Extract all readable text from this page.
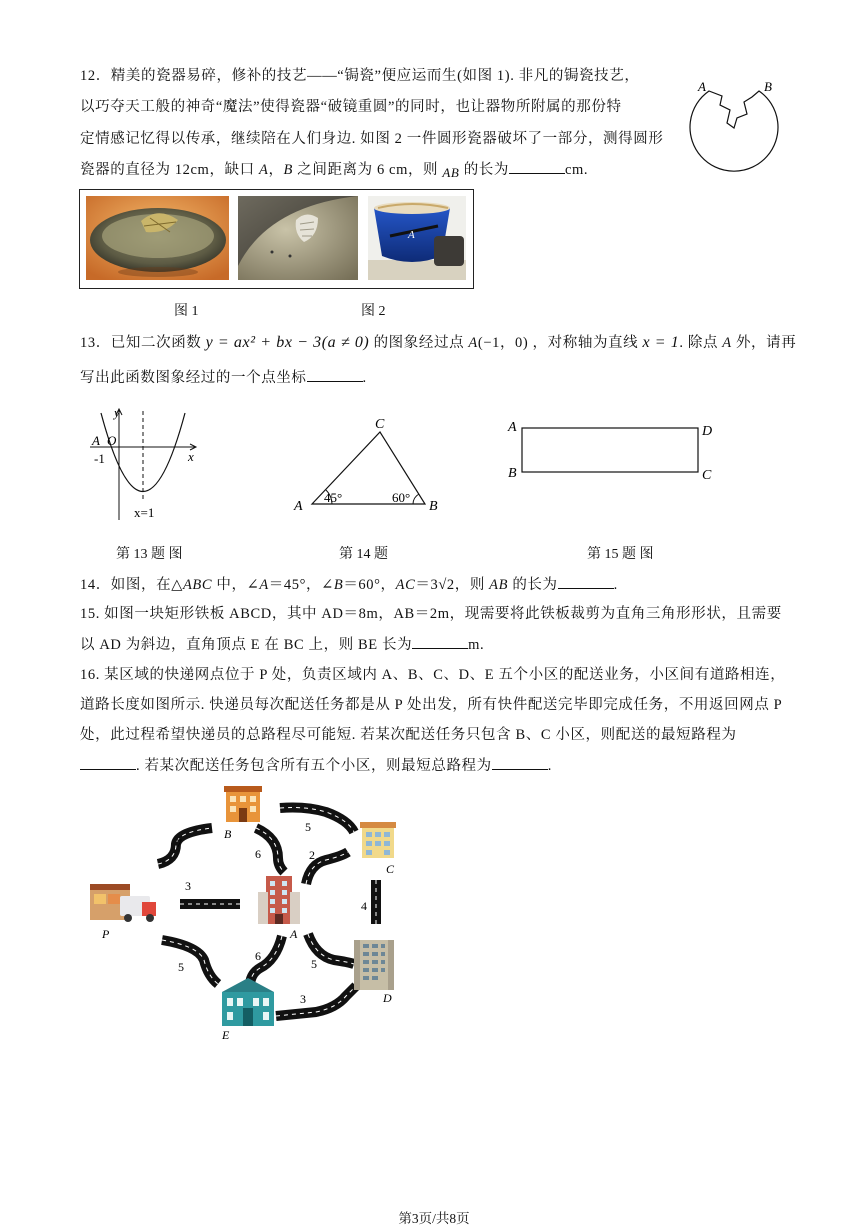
12．精美的瓷器易碎，修补的技艺——“锔瓷”便应运而生(如图 1). 非凡的锔瓷技艺，
以巧夺天工般的神奇“魔法”使得瓷器“破镜重圆”的同时，也让器物所附属的那份特
定情感记忆得以传承，继续陪在人们身边. 如图 2 一件圆形瓷器破坏了一部分，测得圆形
瓷器的直径为 12cm，缺口 A，B 之间距离为 6 cm，则 AB 的长为	cm.
A	B
A
图 1	图 2
13．已知二次函数 y = ax² + bx − 3(a ≠ 0) 的图象经过点 A(−1，0) ，对称轴为直线 x = 1. 除点 A 外，请再
写出此函数图象经过的一个点坐标	.
y
x
A O
-1
x=1
第 13 题 图
C
A	B
45°	60°
第 14 题
A	D
B	C
第 15 题 图
14．如图，在△ABC 中，∠A＝45°，∠B＝60°，AC＝3√2，则 AB 的长为	.
15. 如图一块矩形铁板 ABCD，其中 AD＝8m，AB＝2m，现需要将此铁板裁剪为直角三角形形状，且需要
以 AD 为斜边，直角顶点 E 在 BC 上，则 BE 长为	m.
16. 某区域的快递网点位于 P 处，负责区域内 A、B、C、D、E 五个小区的配送业务，小区间有道路相连，
道路长度如图所示. 快递员每次配送任务都是从 P 处出发，所有快件配送完毕即完成任务，不用返回网点 P
处，此过程希望快递员的总路程尽可能短. 若某次配送任务只包含 B、C 小区，则配送的最短路程为
. 若某次配送任务包含所有五个小区，则最短总路程为	.
P	A
B
C
D
E
7
3
5
6
5
2
4
6
5
3
第3页/共8页
